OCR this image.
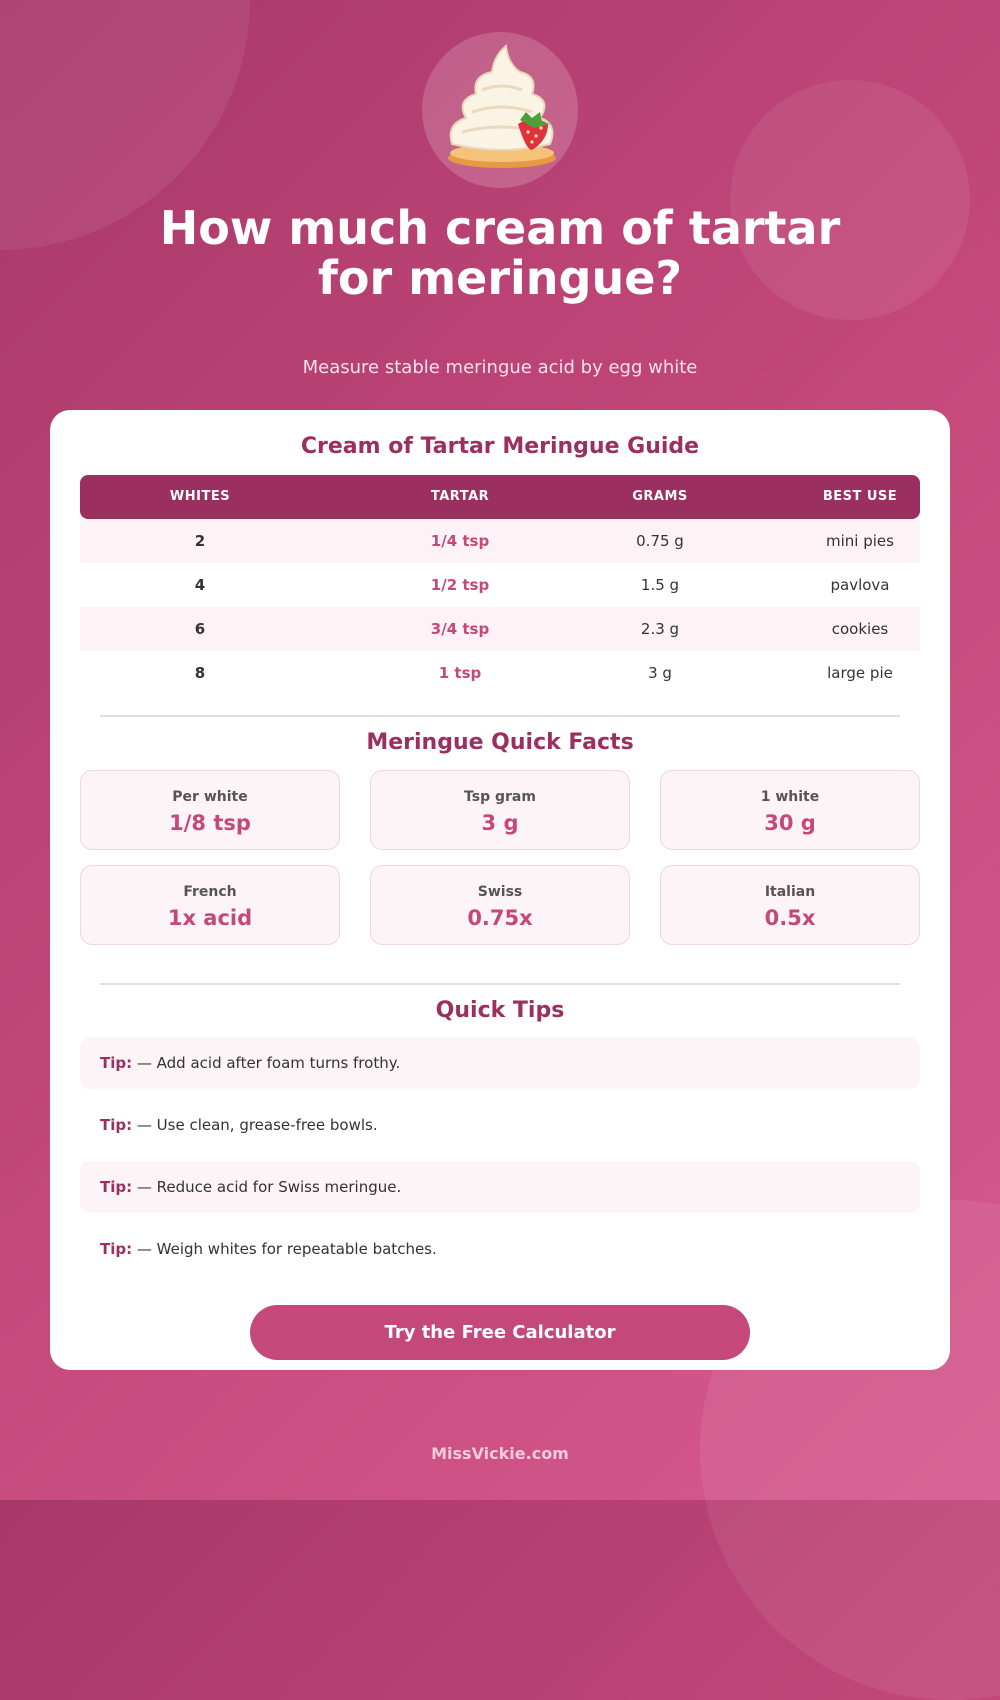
How much cream of tartar
for meringue?
Measure stable meringue acid by egg white
Cream of Tartar Meringue Guide
WHITES	TARTAR	GRAMS	BEST USE
2	1/4 tsp	0.75 g	mini pies
4	1/2 tsp	1.5 g	pavlova
6	3/4 tsp	2.3 g	cookies
8	1 tsp	3 g	large pie
Meringue Quick Facts
Per white
1/8 tsp
Tsp gram
3 g
1 white
30 g
French
1x acid
Swiss
0.75x
Italian
0.5x
Quick Tips
Tip: — Add acid after foam turns frothy.
Tip: — Use clean, grease-free bowls.
Tip: — Reduce acid for Swiss meringue.
Tip: — Weigh whites for repeatable batches.
Try the Free Calculator
MissVickie.com
